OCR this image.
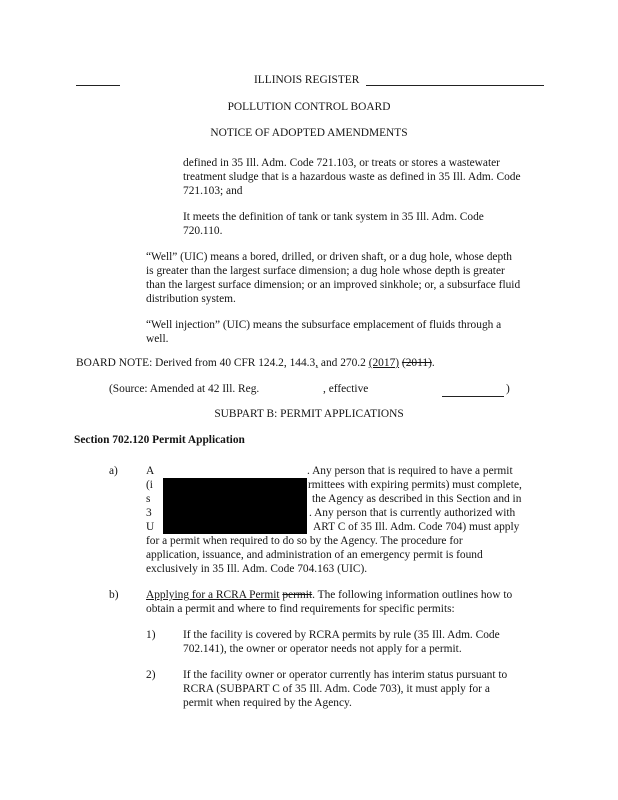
ILLINOIS REGISTER
POLLUTION CONTROL BOARD
NOTICE OF ADOPTED AMENDMENTS
defined in 35 Ill. Adm. Code 721.103, or treats or stores a wastewater
treatment sludge that is a hazardous waste as defined in 35 Ill. Adm. Code
721.103; and
It meets the definition of tank or tank system in 35 Ill. Adm. Code
720.110.
“Well” (UIC) means a bored, drilled, or driven shaft, or a dug hole, whose depth
is greater than the largest surface dimension; a dug hole whose depth is greater
than the largest surface dimension; or an improved sinkhole; or, a subsurface fluid
distribution system.
“Well injection” (UIC) means the subsurface emplacement of fluids through a
well.
BOARD NOTE: Derived from 40 CFR 124.2, 144.3, and 270.2 (2017) (2011).
(Source: Amended at 42 Ill. Reg.	, effective	)
SUBPART B: PERMIT APPLICATIONS
Section 702.120 Permit Application
a) A	. Any person that is required to have a permit
(i	rmittees with expiring permits) must complete,
s	the Agency as described in this Section and in
3	. Any person that is currently authorized with
U	ART C of 35 Ill. Adm. Code 704) must apply
for a permit when required to do so by the Agency. The procedure for
application, issuance, and administration of an emergency permit is found
exclusively in 35 Ill. Adm. Code 704.163 (UIC).
b) Applying for a RCRA Permit permit. The following information outlines how to
obtain a permit and where to find requirements for specific permits:
1) If the facility is covered by RCRA permits by rule (35 Ill. Adm. Code
702.141), the owner or operator needs not apply for a permit.
2) If the facility owner or operator currently has interim status pursuant to
RCRA (SUBPART C of 35 Ill. Adm. Code 703), it must apply for a
permit when required by the Agency.
